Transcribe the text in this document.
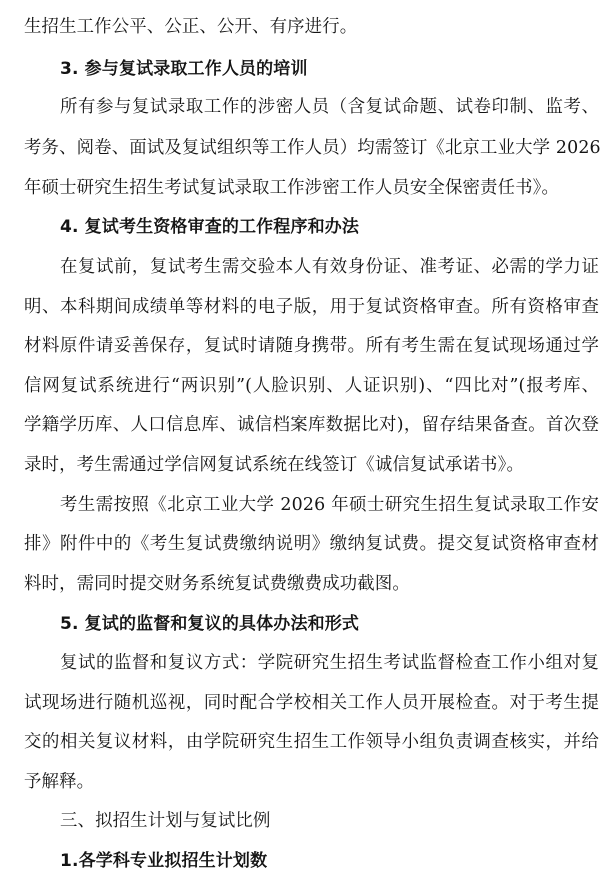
生招生工作公平、公正、公开、有序进行。
3. 参与复试录取工作人员的培训
所有参与复试录取工作的涉密人员（含复试命题、试卷印制、监考、
考务、阅卷、面试及复试组织等工作人员）均需签订《北京工业大学 2026
年硕士研究生招生考试复试录取工作涉密工作人员安全保密责任书》。
4. 复试考生资格审查的工作程序和办法
在复试前，复试考生需交验本人有效身份证、准考证、必需的学力证
明、本科期间成绩单等材料的电子版，用于复试资格审查。所有资格审查
材料原件请妥善保存，复试时请随身携带。所有考生需在复试现场通过学
信网复试系统进行“两识别”(人脸识别、人证识别)、“四比对”(报考库、
学籍学历库、人口信息库、诚信档案库数据比对)，留存结果备查。首次登
录时，考生需通过学信网复试系统在线签订《诚信复试承诺书》。
考生需按照《北京工业大学 2026 年硕士研究生招生复试录取工作安
排》附件中的《考生复试费缴纳说明》缴纳复试费。提交复试资格审查材
料时，需同时提交财务系统复试费缴费成功截图。
5. 复试的监督和复议的具体办法和形式
复试的监督和复议方式：学院研究生招生考试监督检查工作小组对复
试现场进行随机巡视，同时配合学校相关工作人员开展检查。对于考生提
交的相关复议材料，由学院研究生招生工作领导小组负责调查核实，并给
予解释。
三、拟招生计划与复试比例
1.各学科专业拟招生计划数
